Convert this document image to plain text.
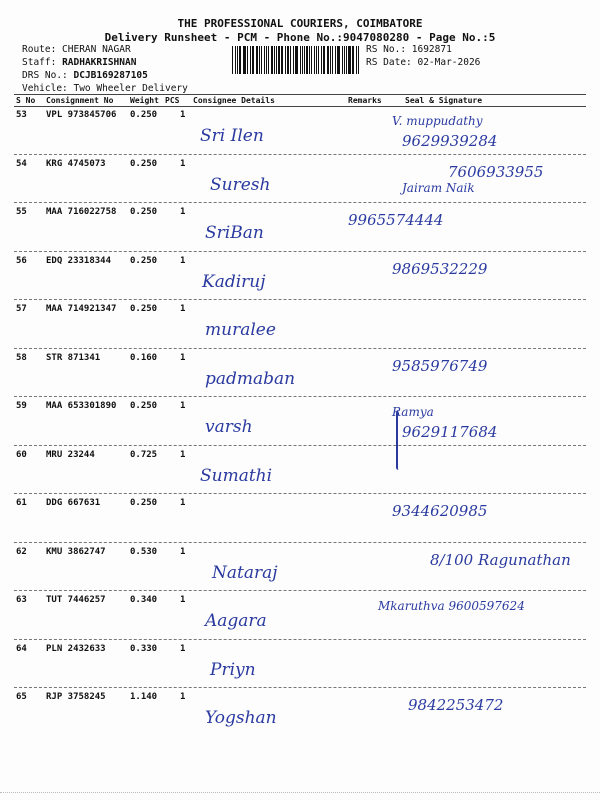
THE PROFESSIONAL COURIERS, COIMBATORE
Delivery Runsheet - PCM - Phone No.:9047080280 - Page No.:5
Route: CHERAN NAGAR
Staff: RADHAKRISHNAN
DRS No.: DCJB169287105
Vehicle: Two Wheeler Delivery
RS No.: 1692871
RS Date: 02-Mar-2026
S No Consignment No Weight PCS Consignee Details	Remarks	Seal & Signature
53 VPL 973845706 0.250	1
Sri Ilen
V. muppudathy
9629939284
54 KRG 4745073	0.250	1
Suresh
7606933955
Jairam Naik
55 MAA 716022758 0.250	1
SriBan
9965574444
56 EDQ 23318344 0.250	1
Kadiruj
9869532229
57 MAA 714921347 0.250	1
muralee
58 STR 871341	0.160	1
padmaban
9585976749
59 MAA 653301890 0.250	1
varsh
Ramya
9629117684
60 MRU 23244	0.725	1
Sumathi
61 DDG 667631	0.250	1	9344620985
62 KMU 3862747	0.530	1
Nataraj
8/100 Ragunathan
63 TUT 7446257	0.340	1
Aagara
Mkaruthva 9600597624
64 PLN 2432633	0.330	1
Priyn
65 RJP 3758245	1.140	1
Yogshan
9842253472
